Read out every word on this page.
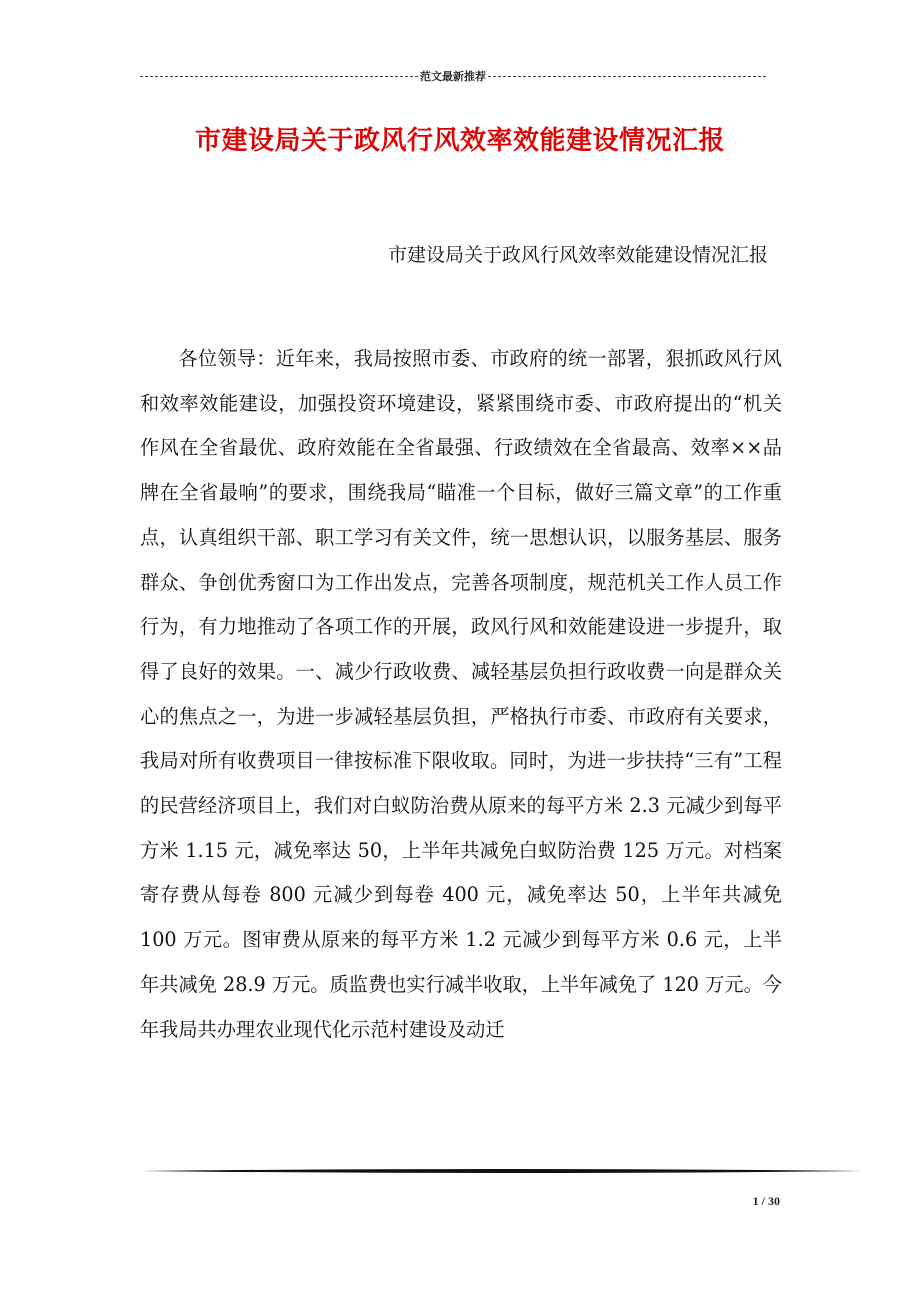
范文最新推荐
市建设局关于政风行风效率效能建设情况汇报
市建设局关于政风行风效率效能建设情况汇报

各位领导：近年来，我局按照市委、市政府的统一部署，狠抓政风行风和效率效能建设，加强投资环境建设，紧紧围绕市委、市政府提出的“机关作风在全省最优、政府效能在全省最强、行政绩效在全省最高、效率××品牌在全省最响”的要求，围绕我局“瞄准一个目标，做好三篇文章”的工作重点，认真组织干部、职工学习有关文件，统一思想认识，以服务基层、服务群众、争创优秀窗口为工作出发点，完善各项制度，规范机关工作人员工作行为，有力地推动了各项工作的开展，政风行风和效能建设进一步提升，取得了良好的效果。一、减少行政收费、减轻基层负担行政收费一向是群众关心的焦点之一，为进一步减轻基层负担，严格执行市委、市政府有关要求，我局对所有收费项目一律按标准下限收取。同时，为进一步扶持“三有”工程的民营经济项目上，我们对白蚁防治费从原来的每平方米 2.3 元减少到每平方米 1.15 元，减免率达 50，上半年共减免白蚁防治费 125 万元。对档案寄存费从每卷 800 元减少到每卷 400 元，减免率达 50，上半年共减免 100 万元。图审费从原来的每平方米 1.2 元减少到每平方米 0.6 元，上半年共减免 28.9 万元。质监费也实行减半收取，上半年减免了 120 万元。今年我局共办理农业现代化示范村建设及动迁

1 / 30
